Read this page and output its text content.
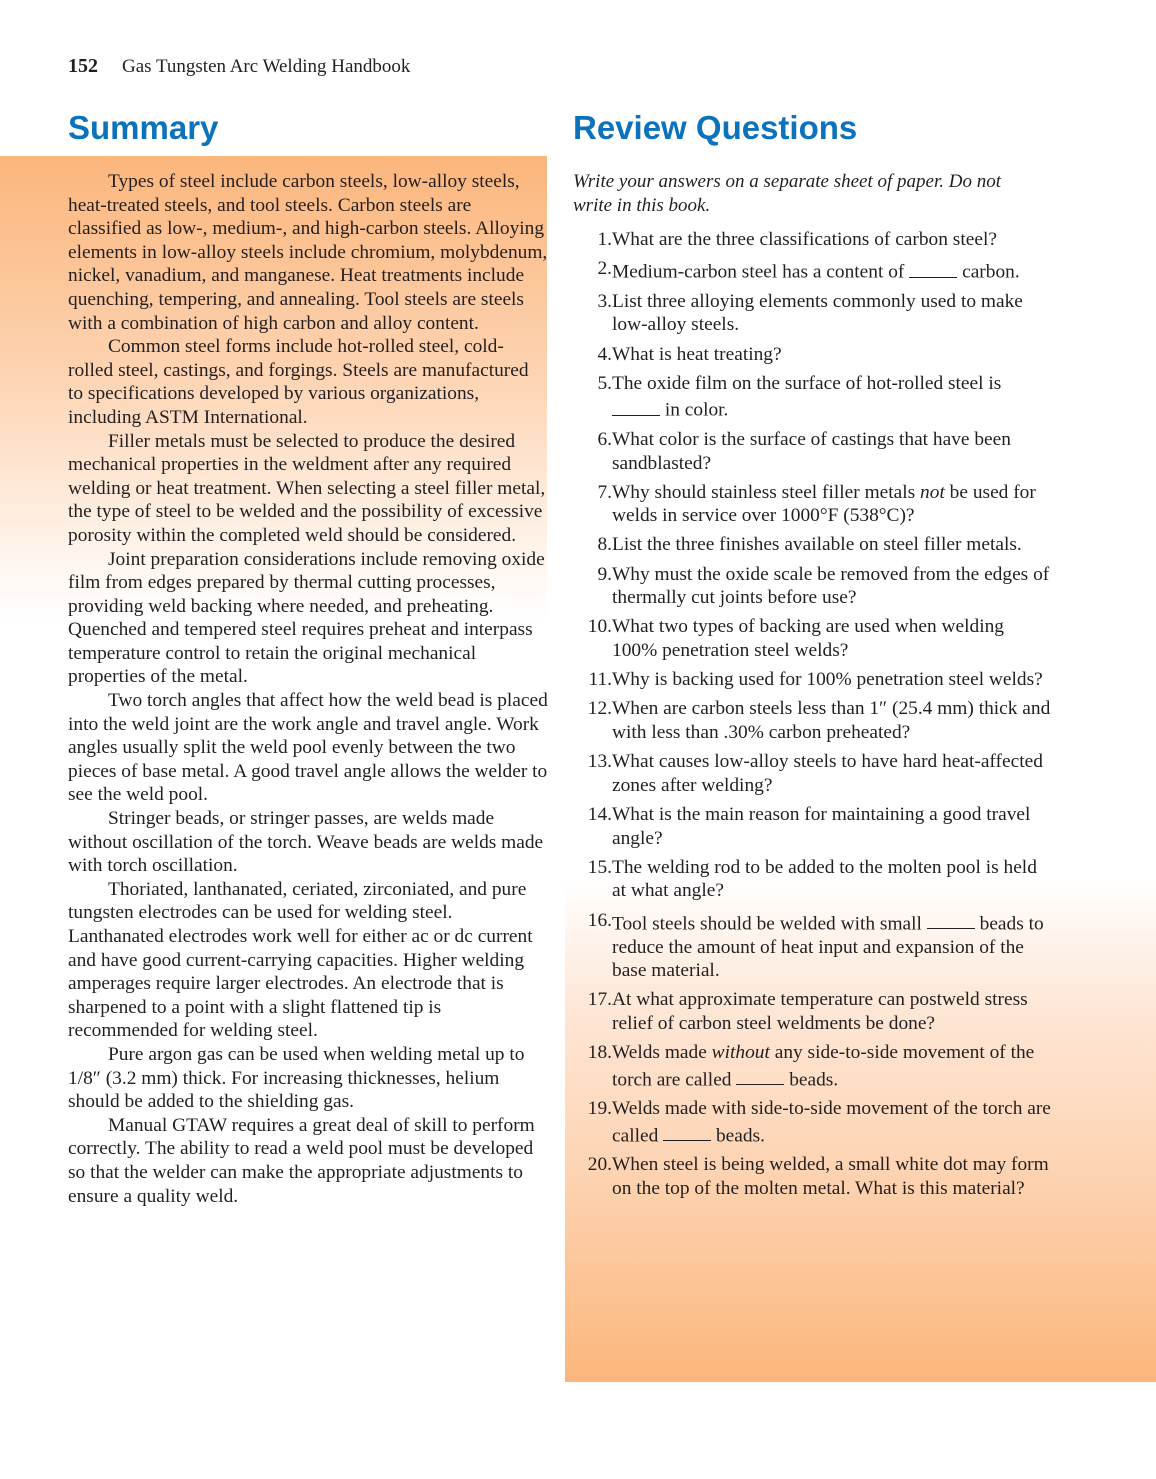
152 Gas Tungsten Arc Welding Handbook
Summary	Review Questions

Types of steel include carbon steels, low-alloy steels, heat-treated steels, and tool steels. Carbon steels are classified as low-, medium-, and high-carbon steels. Alloying elements in low-alloy steels include chromium, molybdenum, nickel, vanadium, and manganese. Heat treatments include quenching, tempering, and annealing. Tool steels are steels with a combination of high carbon and alloy content.

Common steel forms include hot-rolled steel, cold-rolled steel, castings, and forgings. Steels are manufactured to specifications developed by various organizations, including ASTM International.

Filler metals must be selected to produce the desired mechanical properties in the weldment after any required welding or heat treatment. When selecting a steel filler metal, the type of steel to be welded and the possibility of excessive porosity within the completed weld should be considered.

Joint preparation considerations include removing oxide film from edges prepared by thermal cutting processes, providing weld backing where needed, and preheating. Quenched and tempered steel requires preheat and interpass temperature control to retain the original mechanical properties of the metal.

Two torch angles that affect how the weld bead is placed into the weld joint are the work angle and travel angle. Work angles usually split the weld pool evenly between the two pieces of base metal. A good travel angle allows the welder to see the weld pool.

Stringer beads, or stringer passes, are welds made without oscillation of the torch. Weave beads are welds made with torch oscillation.

Thoriated, lanthanated, ceriated, zirconiated, and pure tungsten electrodes can be used for welding steel. Lanthanated electrodes work well for either ac or dc current and have good current-carrying capacities. Higher welding amperages require larger electrodes. An electrode that is sharpened to a point with a slight flattened tip is recommended for welding steel.

Pure argon gas can be used when welding metal up to 1/8″ (3.2 mm) thick. For increasing thicknesses, helium should be added to the shielding gas.

Manual GTAW requires a great deal of skill to perform correctly. The ability to read a weld pool must be developed so that the welder can make the appropriate adjustments to ensure a quality weld.

Write your answers on a separate sheet of paper. Do not write in this book.
1. What are the three classifications of carbon steel?
2. Medium-carbon steel has a content of  carbon.
3. List three alloying elements commonly used to make low-alloy steels.
4. What is heat treating?
5. The oxide film on the surface of hot-rolled steel is  in color.
6. What color is the surface of castings that have been sandblasted?
7. Why should stainless steel filler metals not be used for welds in service over 1000°F (538°C)?
8. List the three finishes available on steel filler metals.
9. Why must the oxide scale be removed from the edges of thermally cut joints before use?
10. What two types of backing are used when welding 100% penetration steel welds?
11. Why is backing used for 100% penetration steel welds?
12. When are carbon steels less than 1″ (25.4 mm) thick and with less than .30% carbon preheated?
13. What causes low-alloy steels to have hard heat-affected zones after welding?
14. What is the main reason for maintaining a good travel angle?
15. The welding rod to be added to the molten pool is held at what angle?
16. Tool steels should be welded with small  beads to reduce the amount of heat input and expansion of the base material.
17. At what approximate temperature can postweld stress relief of carbon steel weldments be done?
18. Welds made without any side-to-side movement of the torch are called  beads.
19. Welds made with side-to-side movement of the torch are called  beads.
20. When steel is being welded, a small white dot may form on the top of the molten metal. What is this material?
